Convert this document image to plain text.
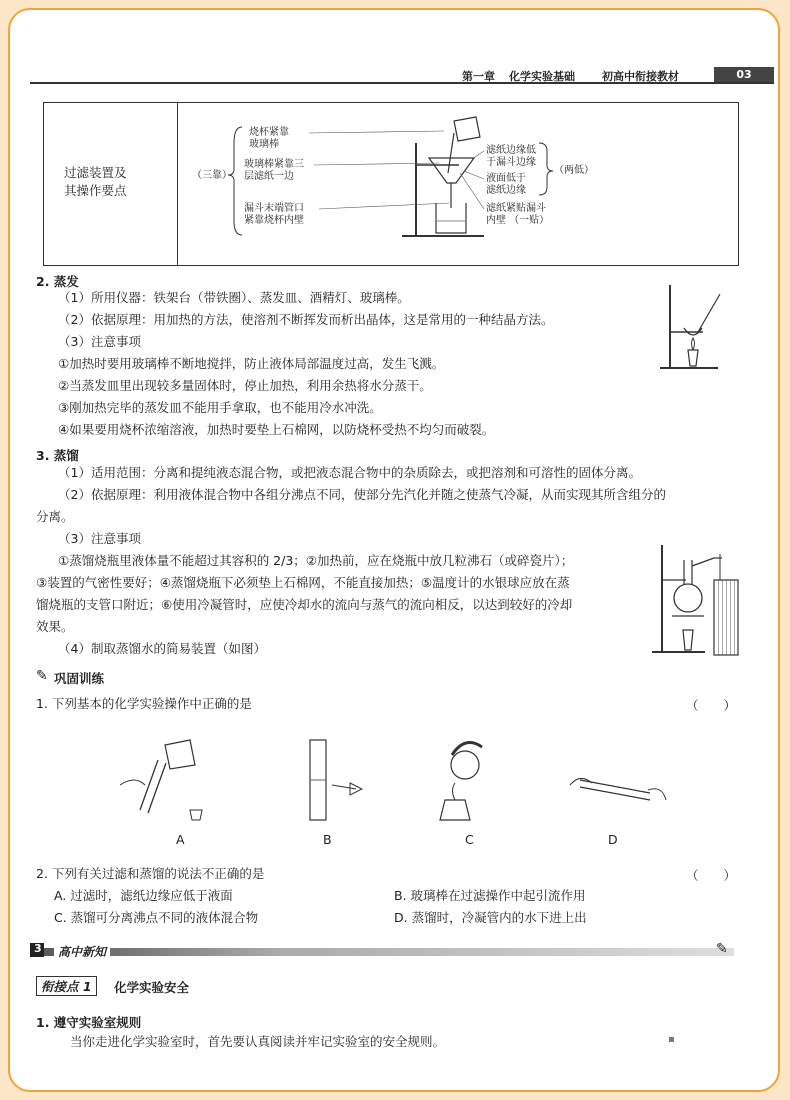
第一章 化学实验基础 初高中衔接教材	03
过滤装置及
其操作要点
（三靠）
烧杯紧靠
玻璃棒
玻璃棒紧靠三
层滤纸一边
漏斗末端管口
紧靠烧杯内壁
滤纸边缘低
于漏斗边缘
液面低于
滤纸边缘
（两低）
滤纸紧贴漏斗
内壁 （一贴）
2. 蒸发
（1）所用仪器：铁架台（带铁圈）、蒸发皿、酒精灯、玻璃棒。
（2）依据原理：用加热的方法，使溶剂不断挥发而析出晶体，这是常用的一种结晶方法。
（3）注意事项
①加热时要用玻璃棒不断地搅拌，防止液体局部温度过高，发生飞溅。
②当蒸发皿里出现较多量固体时，停止加热，利用余热将水分蒸干。
③刚加热完毕的蒸发皿不能用手拿取，也不能用冷水冲洗。
④如果要用烧杯浓缩溶液，加热时要垫上石棉网，以防烧杯受热不均匀而破裂。
3. 蒸馏
（1）适用范围：分离和提纯液态混合物，或把液态混合物中的杂质除去，或把溶剂和可溶性的固体分离。
（2）依据原理：利用液体混合物中各组分沸点不同，使部分先汽化并随之使蒸气冷凝，从而实现其所含组分的
分离。
（3）注意事项
①蒸馏烧瓶里液体量不能超过其容积的 2/3；②加热前，应在烧瓶中放几粒沸石（或碎瓷片）；
③装置的气密性要好；④蒸馏烧瓶下必须垫上石棉网，不能直接加热；⑤温度计的水银球应放在蒸
馏烧瓶的支管口附近；⑥使用冷凝管时，应使冷却水的流向与蒸气的流向相反，以达到较好的冷却
效果。
（4）制取蒸馏水的简易装置（如图）
✎ 巩固训练
1. 下列基本的化学实验操作中正确的是	（　　）
A	B	C	D
2. 下列有关过滤和蒸馏的说法不正确的是	（　　）
A. 过滤时，滤纸边缘应低于液面	B. 玻璃棒在过滤操作中起引流作用
C. 蒸馏可分离沸点不同的液体混合物	D. 蒸馏时，冷凝管内的水下进上出
3	高中新知	✎
衔接点 1	化学实验安全
1. 遵守实验室规则
当你走进化学实验室时，首先要认真阅读并牢记实验室的安全规则。	▪
